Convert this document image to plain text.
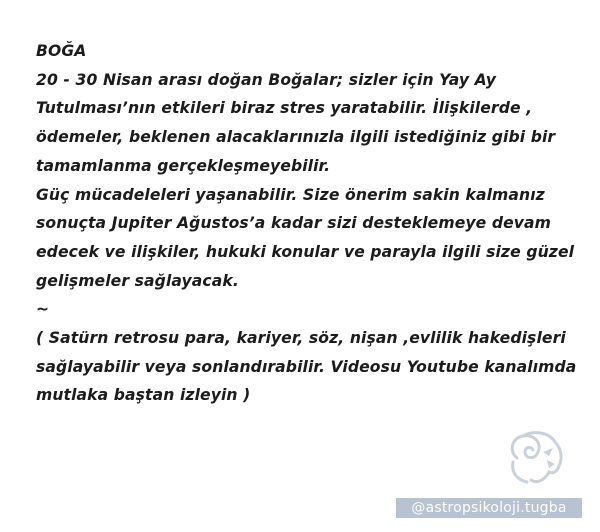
BOĞA
20 - 30 Nisan arası doğan Boğalar; sizler için Yay Ay
Tutulması’nın etkileri biraz stres yaratabilir. İlişkilerde ,
ödemeler, beklenen alacaklarınızla ilgili istediğiniz gibi bir
tamamlanma gerçekleşmeyebilir.
Güç mücadeleleri yaşanabilir. Size önerim sakin kalmanız
sonuçta Jupiter Ağustos’a kadar sizi desteklemeye devam
edecek ve ilişkiler, hukuki konular ve parayla ilgili size güzel
gelişmeler sağlayacak.
~
( Satürn retrosu para, kariyer, söz, nişan ,evlilik hakedişleri
sağlayabilir veya sonlandırabilir. Videosu Youtube kanalımda
mutlaka baştan izleyin )
@astropsikoloji.tugba
